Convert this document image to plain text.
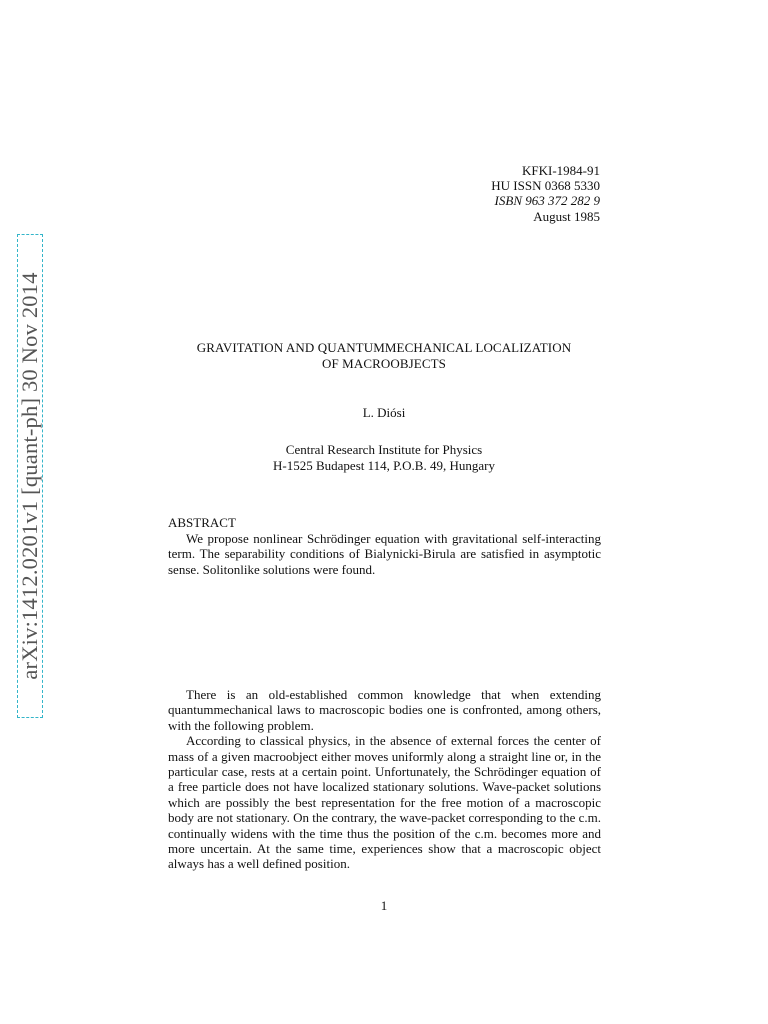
arXiv:1412.0201v1 [quant-ph] 30 Nov 2014
KFKI-1984-91
HU ISSN 0368 5330
ISBN 963 372 282 9
August 1985
GRAVITATION AND QUANTUMMECHANICAL LOCALIZATION
OF MACROOBJECTS
L. Diósi
Central Research Institute for Physics
H-1525 Budapest 114, P.O.B. 49, Hungary
ABSTRACT

We propose nonlinear Schrödinger equation with gravitational self-interacting term. The separability conditions of Bialynicki-Birula are satisfied in asymptotic sense. Solitonlike solutions were found.

There is an old-established common knowledge that when extending quantummechanical laws to macroscopic bodies one is confronted, among others, with the following problem.

According to classical physics, in the absence of external forces the center of mass of a given macroobject either moves uniformly along a straight line or, in the particular case, rests at a certain point. Unfortunately, the Schrödinger equation of a free particle does not have localized stationary solutions. Wave-packet solutions which are possibly the best representation for the free motion of a macroscopic body are not stationary. On the contrary, the wave-packet corresponding to the c.m. continually widens with the time thus the position of the c.m. becomes more and more uncertain. At the same time, experiences show that a macroscopic object always has a well defined position.

1
